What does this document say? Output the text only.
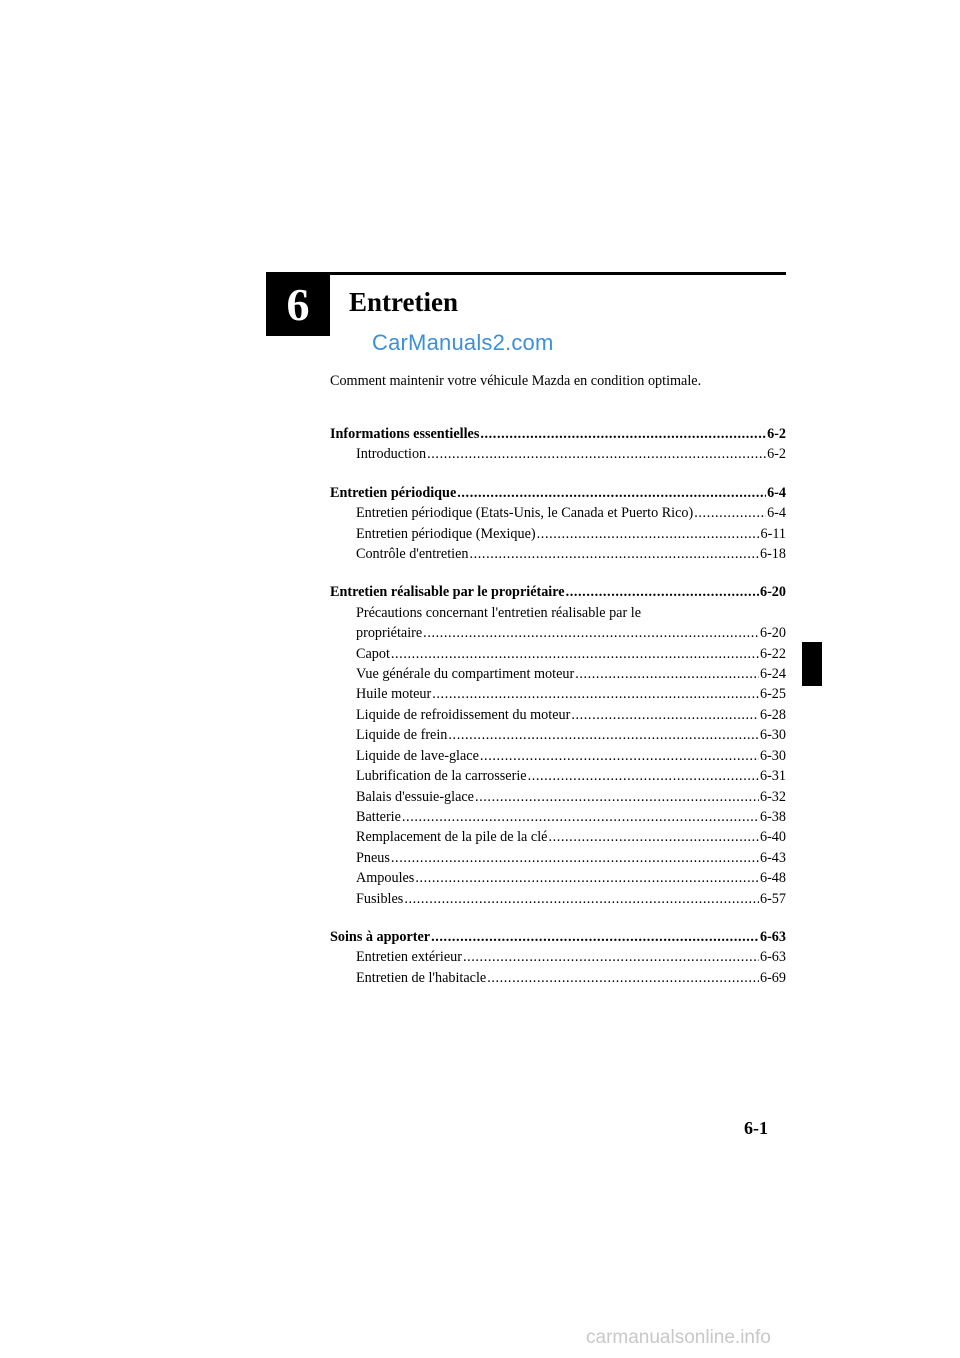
6 Entretien
CarManuals2.com
Comment maintenir votre véhicule Mazda en condition optimale.
Informations essentielles .....	6-2
Introduction .....	6-2
Entretien périodique .....	6-4
Entretien périodique (Etats-Unis, le Canada et Puerto Rico) .....	6-4
Entretien périodique (Mexique) .....	6-11
Contrôle d'entretien .....	6-18
Entretien réalisable par le propriétaire .....	6-20
Précautions concernant l'entretien réalisable par le
propriétaire .....	6-20
Capot .....	6-22
Vue générale du compartiment moteur .....	6-24
Huile moteur .....	6-25
Liquide de refroidissement du moteur .....	6-28
Liquide de frein .....	6-30
Liquide de lave-glace .....	6-30
Lubrification de la carrosserie .....	6-31
Balais d'essuie-glace .....	6-32
Batterie .....	6-38
Remplacement de la pile de la clé .....	6-40
Pneus .....	6-43
Ampoules .....	6-48
Fusibles .....	6-57
Soins à apporter .....	6-63
Entretien extérieur .....	6-63
Entretien de l'habitacle .....	6-69
6-1
carmanualsonline.info
